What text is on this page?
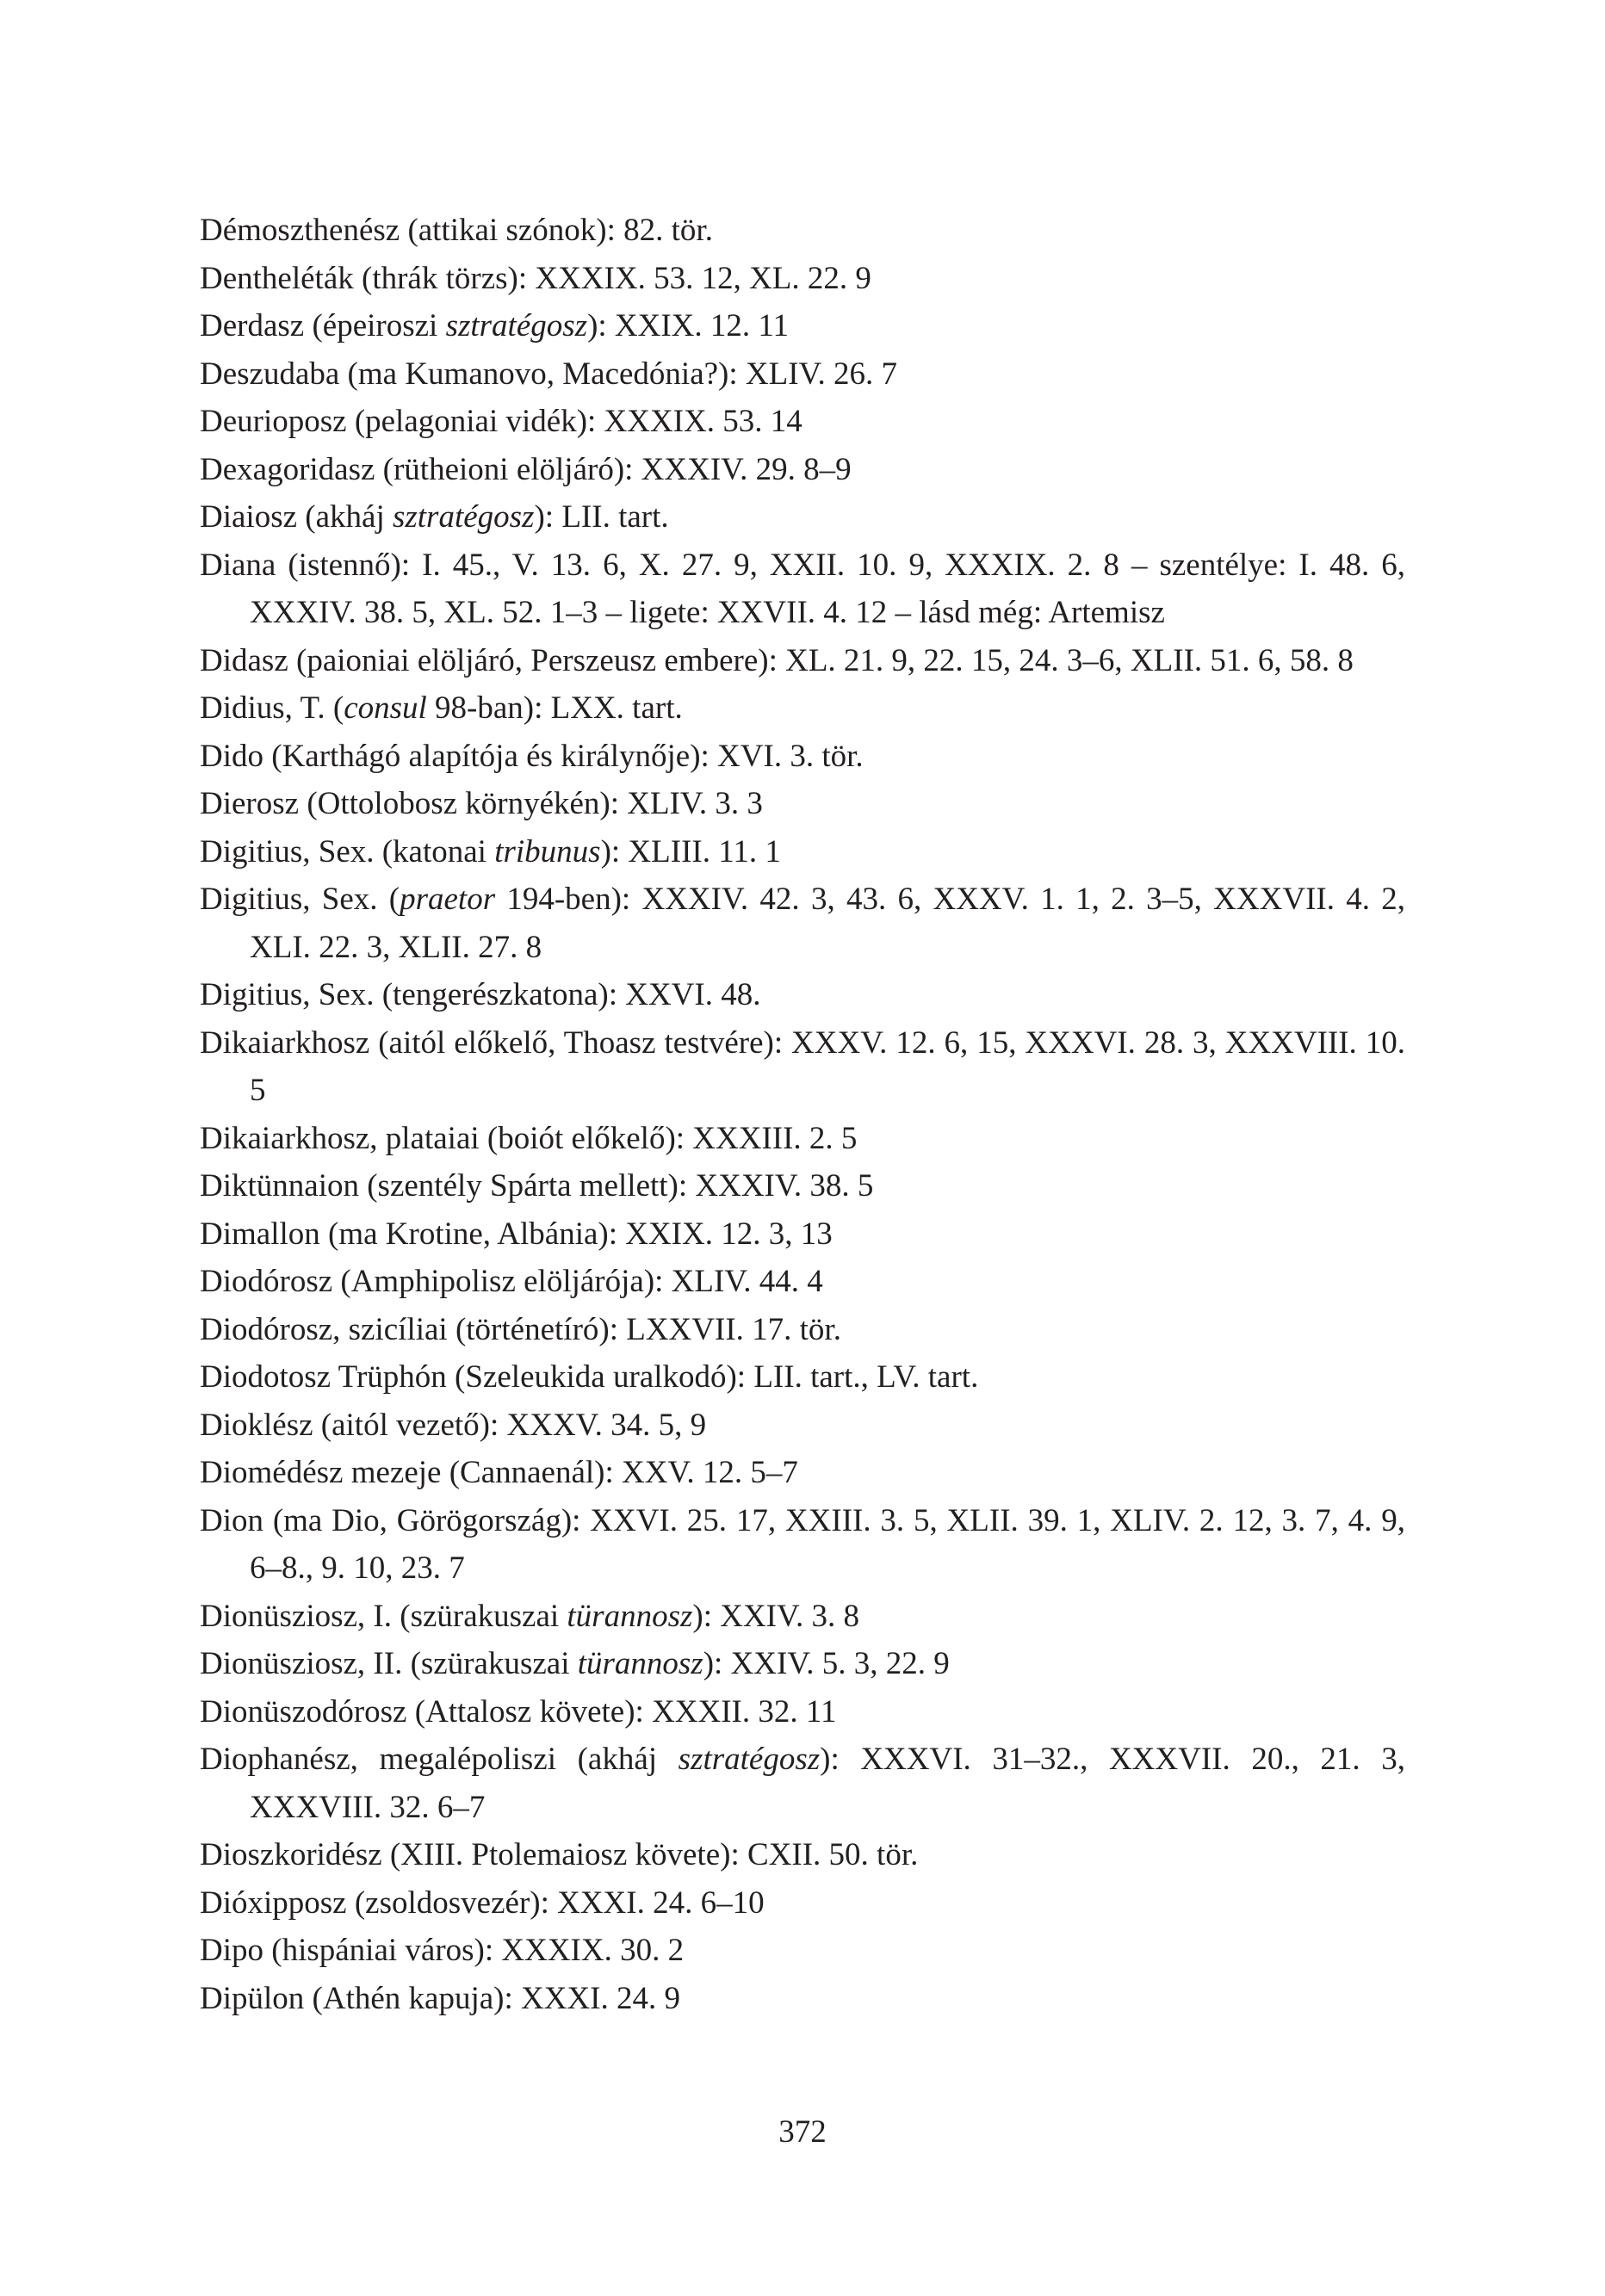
Démoszthenész (attikai szónok): 82. tör.
Dentheléták (thrák törzs): XXXIX. 53. 12, XL. 22. 9
Derdasz (épeiroszi sztratégosz): XXIX. 12. 11
Deszudaba (ma Kumanovo, Macedónia?): XLIV. 26. 7
Deurioposz (pelagoniai vidék): XXXIX. 53. 14
Dexagoridasz (rütheioni elöljáró): XXXIV. 29. 8–9
Diaiosz (akháj sztratégosz): LII. tart.
Diana (istennő): I. 45., V. 13. 6, X. 27. 9, XXII. 10. 9, XXXIX. 2. 8 – szentélye: I. 48. 6, XXXIV. 38. 5, XL. 52. 1–3 – ligete: XXVII. 4. 12 – lásd még: Artemisz
Didasz (paioniai elöljáró, Perszeusz embere): XL. 21. 9, 22. 15, 24. 3–6, XLII. 51. 6, 58. 8
Didius, T. (consul 98-ban): LXX. tart.
Dido (Karthágó alapítója és királynője): XVI. 3. tör.
Dierosz (Ottolobosz környékén): XLIV. 3. 3
Digitius, Sex. (katonai tribunus): XLIII. 11. 1
Digitius, Sex. (praetor 194-ben): XXXIV. 42. 3, 43. 6, XXXV. 1. 1, 2. 3–5, XXXVII. 4. 2, XLI. 22. 3, XLII. 27. 8
Digitius, Sex. (tengerészkatona): XXVI. 48.
Dikaiarkhosz (aitól előkelő, Thoasz testvére): XXXV. 12. 6, 15, XXXVI. 28. 3, XXXVIII. 10. 5
Dikaiarkhosz, plataiai (boiót előkelő): XXXIII. 2. 5
Diktünnaion (szentély Spárta mellett): XXXIV. 38. 5
Dimallon (ma Krotine, Albánia): XXIX. 12. 3, 13
Diodórosz (Amphipolisz elöljárója): XLIV. 44. 4
Diodórosz, szicíliai (történetíró): LXXVII. 17. tör.
Diodotosz Trüphón (Szeleukida uralkodó): LII. tart., LV. tart.
Dioklész (aitól vezető): XXXV. 34. 5, 9
Diomédész mezeje (Cannaenál): XXV. 12. 5–7
Dion (ma Dio, Görögország): XXVI. 25. 17, XXIII. 3. 5, XLII. 39. 1, XLIV. 2. 12, 3. 7, 4. 9, 6–8., 9. 10, 23. 7
Dionüsziosz, I. (szürakuszai türannosz): XXIV. 3. 8
Dionüsziosz, II. (szürakuszai türannosz): XXIV. 5. 3, 22. 9
Dionüszodórosz (Attalosz követe): XXXII. 32. 11
Diophanész, megalépoliszi (akháj sztratégosz): XXXVI. 31–32., XXXVII. 20., 21. 3, XXXVIII. 32. 6–7
Dioszkoridész (XIII. Ptolemaiosz követe): CXII. 50. tör.
Dióxipposz (zsoldosvezér): XXXI. 24. 6–10
Dipo (hispániai város): XXXIX. 30. 2
Dipülon (Athén kapuja): XXXI. 24. 9
372
